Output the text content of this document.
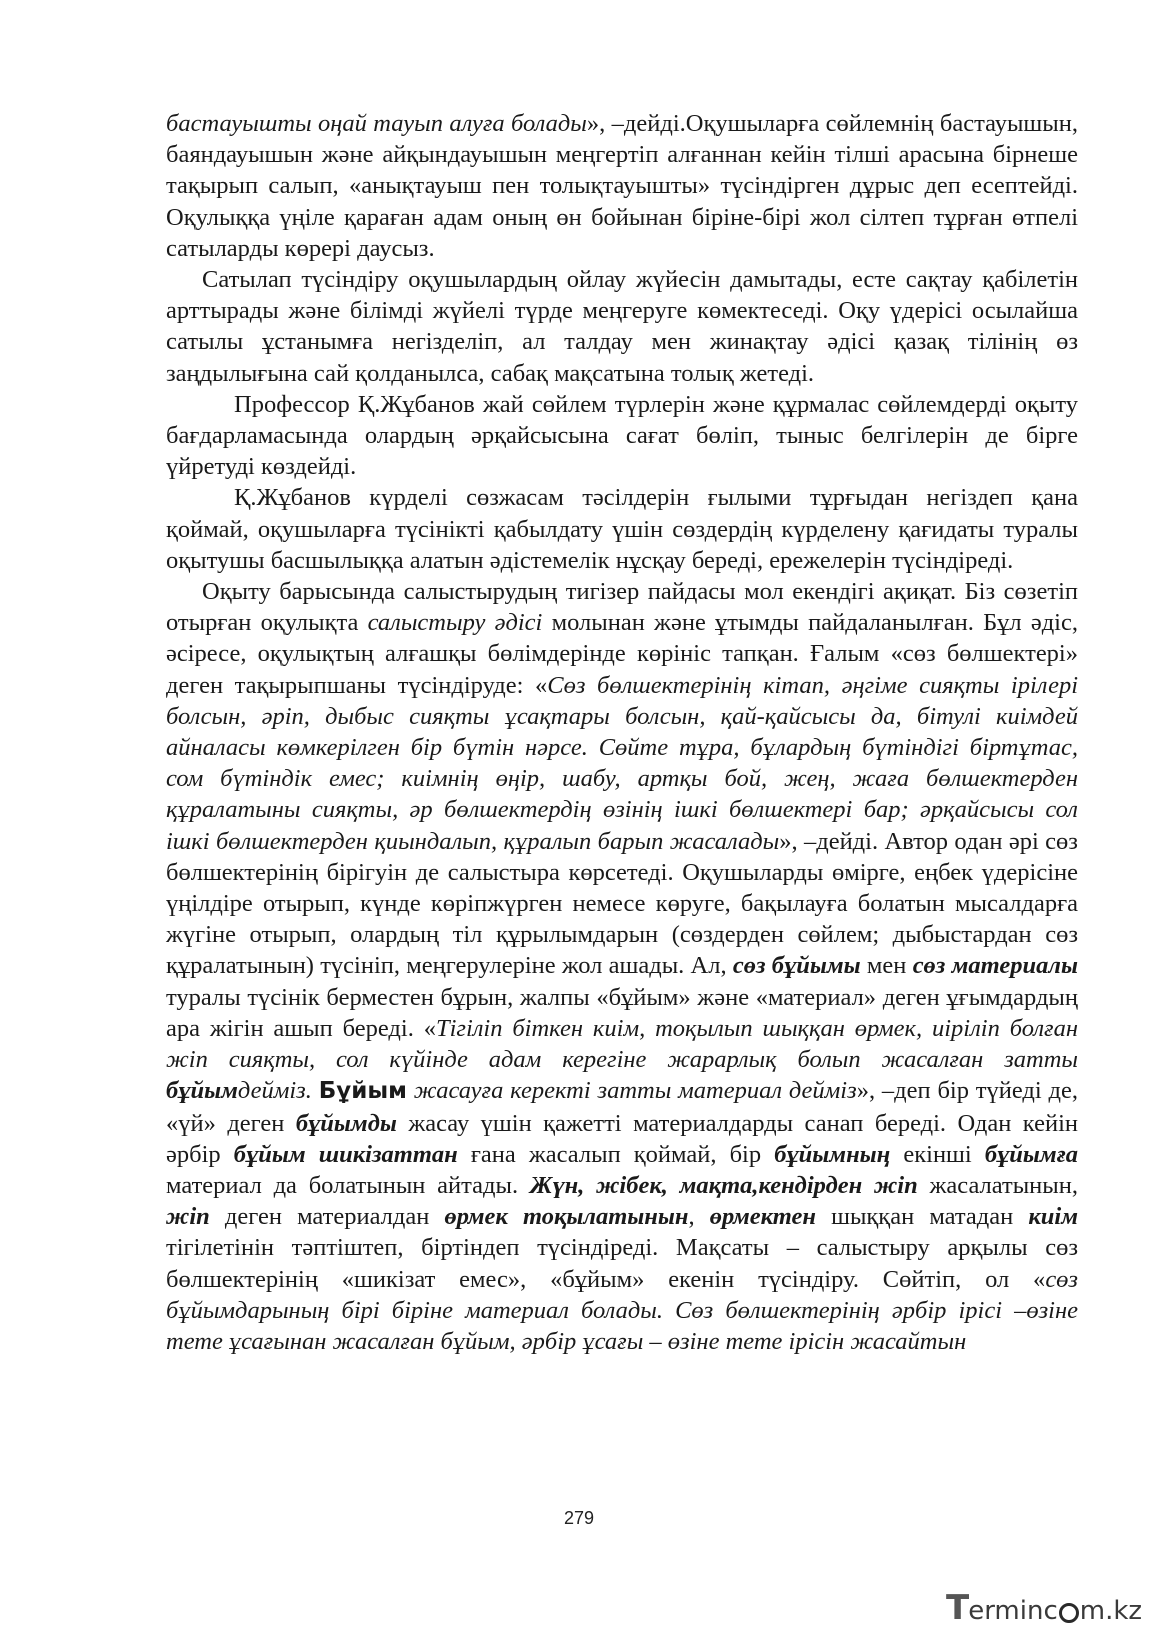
бастауышты оңай тауып алуға болады», –дейді.Оқушыларға сөйлемнің бастауышын, баяндауышын және айқындауышын меңгертіп алғаннан кейін тілші арасына бірнеше тақырып салып, «анықтауыш пен толықтауышты» түсіндірген дұрыс деп есептейді. Оқулыққа үңіле қараған адам оның өн бойынан біріне-бірі жол сілтеп тұрған өтпелі сатыларды көрері даусыз.

Сатылап түсіндіру оқушылардың ойлау жүйесін дамытады, есте сақтау қабілетін арттырады және білімді жүйелі түрде меңгеруге көмектеседі. Оқу үдерісі осылайша сатылы ұстанымға негізделіп, ал талдау мен жинақтау әдісі қазақ тілінің өз заңдылығына сай қолданылса, сабақ мақсатына толық жетеді.

Профессор Қ.Жұбанов жай сөйлем түрлерін және құрмалас сөйлемдерді оқыту бағдарламасында олардың әрқайсысына сағат бөліп, тыныс белгілерін де бірге үйретуді көздейді.

Қ.Жұбанов күрделі сөзжасам тәсілдерін ғылыми тұрғыдан негіздеп қана қоймай, оқушыларға түсінікті қабылдату үшін сөздердің күрделену қағидаты туралы оқытушы басшылыққа алатын әдістемелік нұсқау береді, ережелерін түсіндіреді.

Оқыту барысында салыстырудың тигізер пайдасы мол екендігі ақиқат. Біз сөзетіп отырған оқулықта салыстыру әдісі молынан және ұтымды пайдаланылған. Бұл әдіс, әсіресе, оқулықтың алғашқы бөлімдерінде көрініс тапқан. Ғалым «сөз бөлшектері» деген тақырыпшаны түсіндіруде: «Сөз бөлшектерінің кітап, әңгіме сияқты ірілері болсын, әріп, дыбыс сияқты ұсақтары болсын, қай-қайсысы да, бітулі киімдей айналасы көмкерілген бір бүтін нәрсе. Сөйте тұра, бұлардың бүтіндігі біртұтас, сом бүтіндік емес; киімнің өңір, шабу, артқы бой, жең, жаға бөлшектерден құралатыны сияқты, әр бөлшектердің өзінің ішкі бөлшектері бар; әрқайсысы сол ішкі бөлшектерден қиындалып, құралып барып жасалады», –дейді. Автор одан әрі сөз бөлшектерінің бірігуін де салыстыра көрсетеді. Оқушыларды өмірге, еңбек үдерісіне үңілдіре отырып, күнде көріпжүрген немесе көруге, бақылауға болатын мысалдарға жүгіне отырып, олардың тіл құрылымдарын (сөздерден сөйлем; дыбыстардан сөз құралатынын) түсініп, меңгерулеріне жол ашады. Ал, сөз бұйымы мен сөз материалы туралы түсінік берместен бұрын, жалпы «бұйым» және «материал» деген ұғымдардың ара жігін ашып береді. «Тігіліп біткен киім, тоқылып шыққан өрмек, иіріліп болған жіп сияқты, сол күйінде адам керегіне жарарлық болып жасалған затты бұйымдейміз. Бұйым жасауға керекті затты материал дейміз», –деп бір түйеді де, «үй» деген бұйымды жасау үшін қажетті материалдарды санап береді. Одан кейін әрбір бұйым шикізаттан ғана жасалып қоймай, бір бұйымның екінші бұйымға материал да болатынын айтады. Жүн, жібек, мақта,кендірден жіп жасалатынын, жіп деген материалдан өрмек тоқылатынын, өрмектен шыққан матадан киім тігілетінін тәптіштеп, біртіндеп түсіндіреді. Мақсаты – салыстыру арқылы сөз бөлшектерінің «шикізат емес», «бұйым» екенін түсіндіру. Сөйтіп, ол «сөз бұйымдарының бірі біріне материал болады. Сөз бөлшектерінің әрбір ірісі –өзіне тете ұсағынан жасалған бұйым, әрбір ұсағы – өзіне тете ірісін жасайтын

279
Terminc m.kz
